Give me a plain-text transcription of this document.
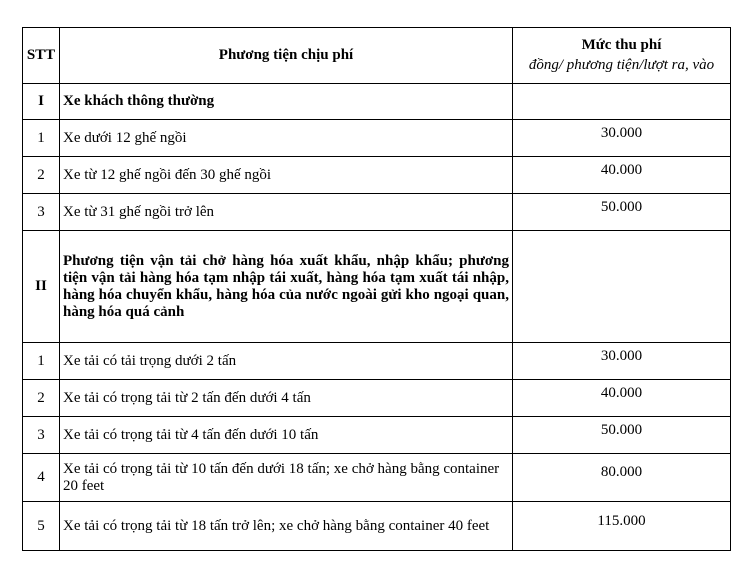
STT	Phương tiện chịu phí	Mức thu phí
đồng/ phương tiện/lượt ra, vào

I	Xe khách thông thường	

1	Xe dưới 12 ghế ngồi	30.000

2	Xe từ 12 ghế ngồi đến 30 ghế ngồi	40.000

3	Xe từ 31 ghế ngồi trở lên	50.000

II	Phương tiện vận tải chở hàng hóa xuất khẩu, nhập khẩu; phương tiện vận tải hàng hóa tạm nhập tái xuất, hàng hóa tạm xuất tái nhập, hàng hóa chuyển khẩu, hàng hóa của nước ngoài gửi kho ngoại quan, hàng hóa quá cảnh	

1	Xe tải có tải trọng dưới 2 tấn	30.000

2	Xe tải có trọng tải từ 2 tấn đến dưới 4 tấn	40.000

3	Xe tải có trọng tải từ 4 tấn đến dưới 10 tấn	50.000

4	Xe tải có trọng tải từ 10 tấn đến dưới 18 tấn; xe chở hàng bằng container 20 feet	80.000

5	Xe tải có trọng tải từ 18 tấn trở lên; xe chở hàng bằng container 40 feet	115.000
